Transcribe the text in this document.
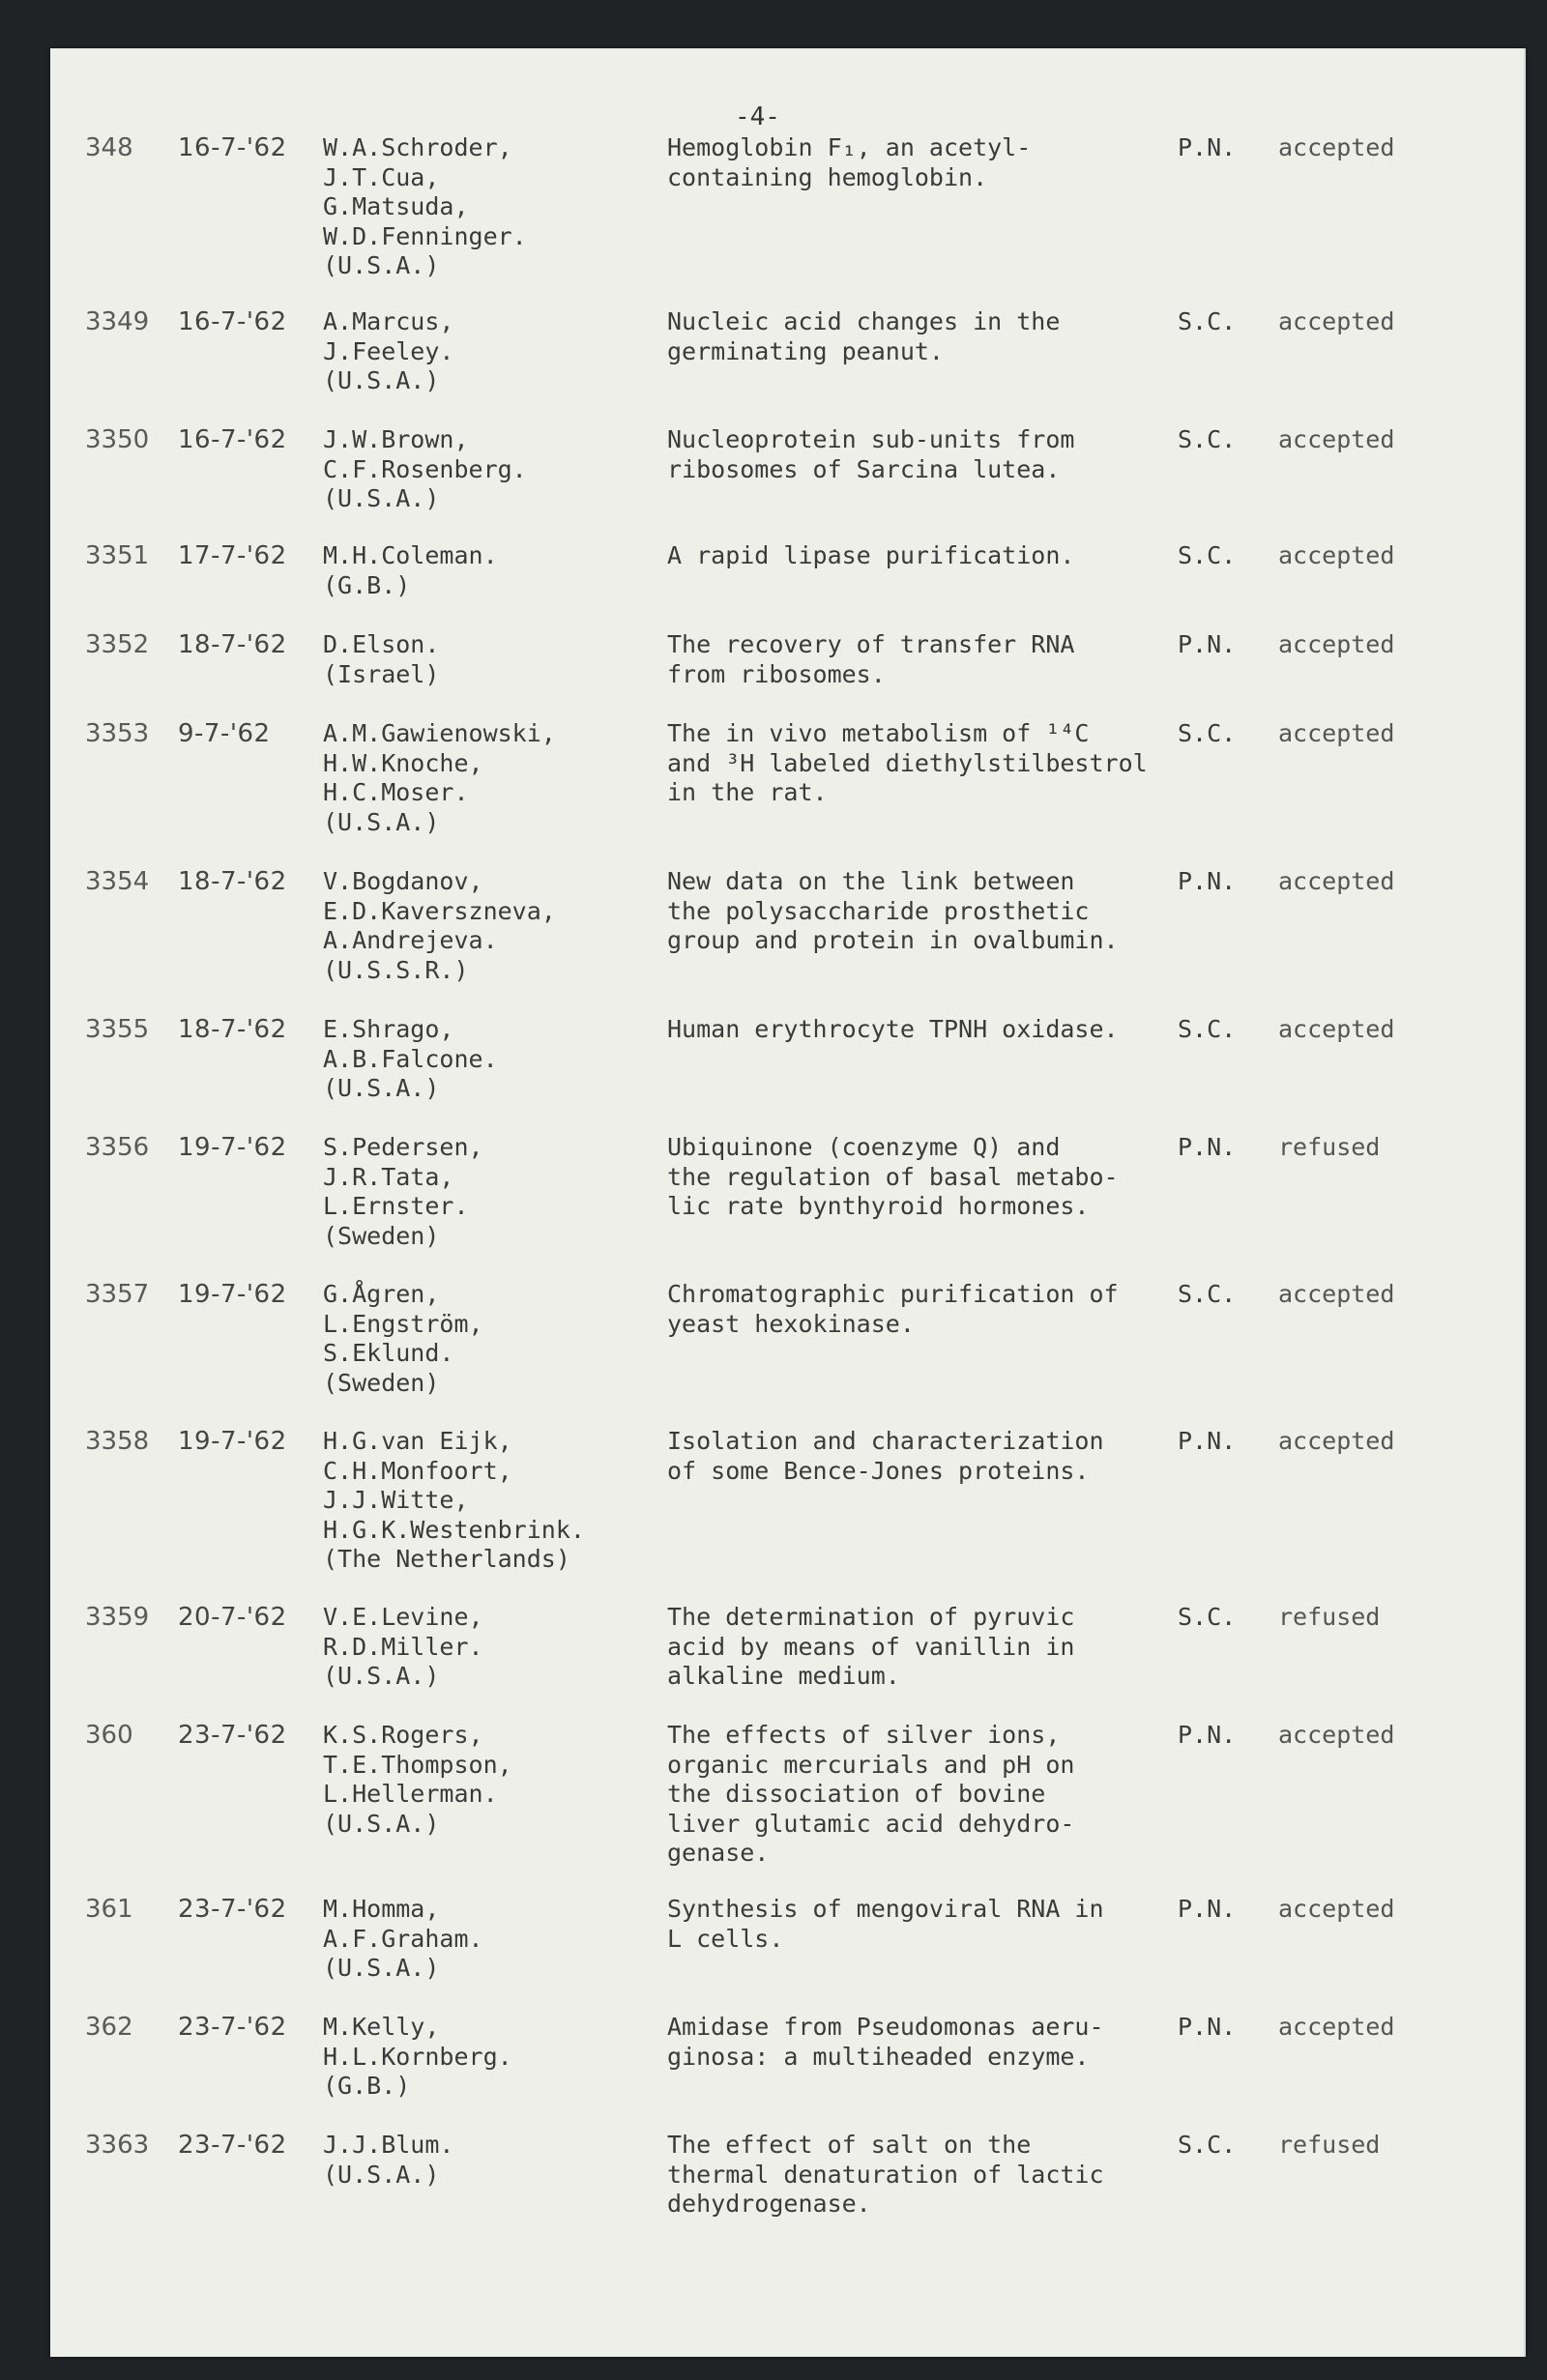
-4-
348 16-7-'62 W.A.Schroder,
J.T.Cua,
G.Matsuda,
W.D.Fenninger.
(U.S.A.)
Hemoglobin F₁, an acetyl-
containing hemoglobin.
P.N. accepted
3349 16-7-'62 A.Marcus,
J.Feeley.
(U.S.A.)
Nucleic acid changes in the
germinating peanut.
S.C. accepted
3350 16-7-'62 J.W.Brown,
C.F.Rosenberg.
(U.S.A.)
Nucleoprotein sub-units from
ribosomes of Sarcina lutea.
S.C. accepted
3351 17-7-'62 M.H.Coleman.
(G.B.)
A rapid lipase purification.	S.C. accepted
3352 18-7-'62 D.Elson.
(Israel)
The recovery of transfer RNA
from ribosomes.
P.N. accepted
3353 9-7-'62 A.M.Gawienowski,
H.W.Knoche,
H.C.Moser.
(U.S.A.)
The in vivo metabolism of ¹⁴C
and ³H labeled diethylstilbestrol
in the rat.
S.C. accepted
3354 18-7-'62 V.Bogdanov,
E.D.Kaverszneva,
A.Andrejeva.
(U.S.S.R.)
New data on the link between
the polysaccharide prosthetic
group and protein in ovalbumin.
P.N. accepted
3355 18-7-'62 E.Shrago,
A.B.Falcone.
(U.S.A.)
Human erythrocyte TPNH oxidase. S.C. accepted
3356 19-7-'62 S.Pedersen,
J.R.Tata,
L.Ernster.
(Sweden)
Ubiquinone (coenzyme Q) and
the regulation of basal metabo-
lic rate bynthyroid hormones.
P.N. refused
3357 19-7-'62 G.Ågren,
L.Engström,
S.Eklund.
(Sweden)
Chromatographic purification of
yeast hexokinase.
S.C. accepted
3358 19-7-'62 H.G.van Eijk,
C.H.Monfoort,
J.J.Witte,
H.G.K.Westenbrink.
(The Netherlands)
Isolation and characterization
of some Bence-Jones proteins.
P.N. accepted
3359 20-7-'62 V.E.Levine,
R.D.Miller.
(U.S.A.)
The determination of pyruvic
acid by means of vanillin in
alkaline medium.
S.C. refused
360 23-7-'62 K.S.Rogers,
T.E.Thompson,
L.Hellerman.
(U.S.A.)
The effects of silver ions,
organic mercurials and pH on
the dissociation of bovine
liver glutamic acid dehydro-
genase.
P.N. accepted
361 23-7-'62 M.Homma,
A.F.Graham.
(U.S.A.)
Synthesis of mengoviral RNA in
L cells.
P.N. accepted
362 23-7-'62 M.Kelly,
H.L.Kornberg.
(G.B.)
Amidase from Pseudomonas aeru-
ginosa: a multiheaded enzyme.
P.N. accepted
3363 23-7-'62 J.J.Blum.
(U.S.A.)
The effect of salt on the
thermal denaturation of lactic
dehydrogenase.
S.C. refused
